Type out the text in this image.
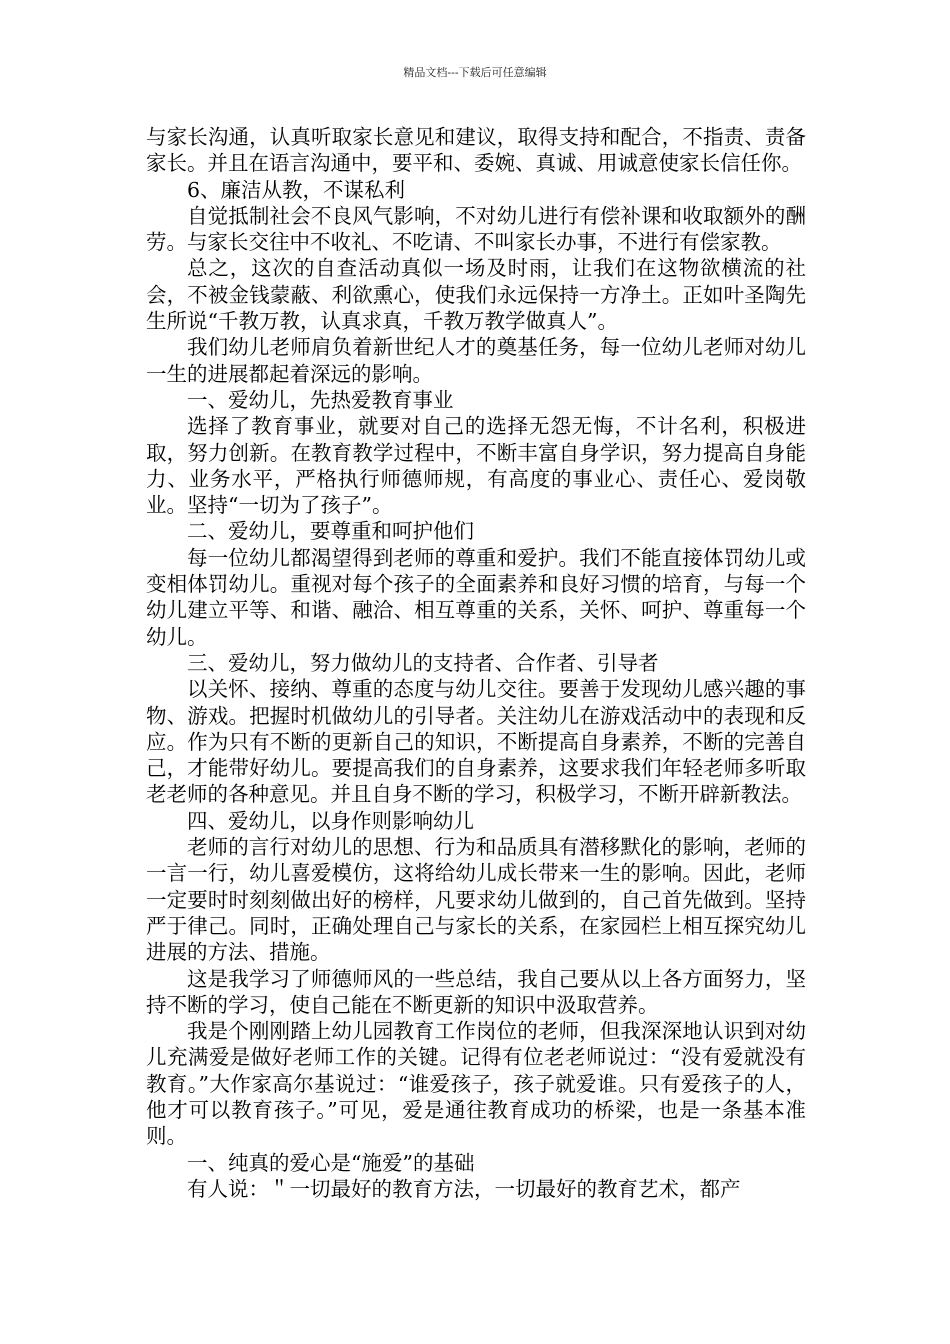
精品文档---下载后可任意编辑

与家长沟通，认真听取家长意见和建议，取得支持和配合，不指责、责备家长。并且在语言沟通中，要平和、委婉、真诚、用诚意使家长信任你。

6、廉洁从教，不谋私利

自觉抵制社会不良风气影响，不对幼儿进行有偿补课和收取额外的酬劳。与家长交往中不收礼、不吃请、不叫家长办事，不进行有偿家教。

总之，这次的自查活动真似一场及时雨，让我们在这物欲横流的社会，不被金钱蒙蔽、利欲熏心，使我们永远保持一方净土。正如叶圣陶先生所说“千教万教，认真求真，千教万教学做真人”。

我们幼儿老师肩负着新世纪人才的奠基任务，每一位幼儿老师对幼儿一生的进展都起着深远的影响。

一、爱幼儿，先热爱教育事业

选择了教育事业，就要对自己的选择无怨无悔，不计名利，积极进取，努力创新。在教育教学过程中，不断丰富自身学识，努力提高自身能力、业务水平，严格执行师德师规，有高度的事业心、责任心、爱岗敬业。坚持“一切为了孩子”。

二、爱幼儿，要尊重和呵护他们

每一位幼儿都渴望得到老师的尊重和爱护。我们不能直接体罚幼儿或变相体罚幼儿。重视对每个孩子的全面素养和良好习惯的培育，与每一个幼儿建立平等、和谐、融洽、相互尊重的关系，关怀、呵护、尊重每一个幼儿。

三、爱幼儿，努力做幼儿的支持者、合作者、引导者

以关怀、接纳、尊重的态度与幼儿交往。要善于发现幼儿感兴趣的事物、游戏。把握时机做幼儿的引导者。关注幼儿在游戏活动中的表现和反应。作为只有不断的更新自己的知识，不断提高自身素养，不断的完善自己，才能带好幼儿。要提高我们的自身素养，这要求我们年轻老师多听取老老师的各种意见。并且自身不断的学习，积极学习，不断开辟新教法。

四、爱幼儿，以身作则影响幼儿

老师的言行对幼儿的思想、行为和品质具有潜移默化的影响，老师的一言一行，幼儿喜爱模仿，这将给幼儿成长带来一生的影响。因此，老师一定要时时刻刻做出好的榜样，凡要求幼儿做到的，自己首先做到。坚持严于律己。同时，正确处理自己与家长的关系，在家园栏上相互探究幼儿进展的方法、措施。

这是我学习了师德师风的一些总结，我自己要从以上各方面努力，坚持不断的学习，使自己能在不断更新的知识中汲取营养。

我是个刚刚踏上幼儿园教育工作岗位的老师，但我深深地认识到对幼儿充满爱是做好老师工作的关键。记得有位老老师说过：“没有爱就没有教育。”大作家高尔基说过：“谁爱孩子，孩子就爱谁。只有爱孩子的人，他才可以教育孩子。”可见，爱是通往教育成功的桥梁，也是一条基本准则。

一、纯真的爱心是“施爱”的基础

有人说：＂一切最好的教育方法，一切最好的教育艺术，都产
